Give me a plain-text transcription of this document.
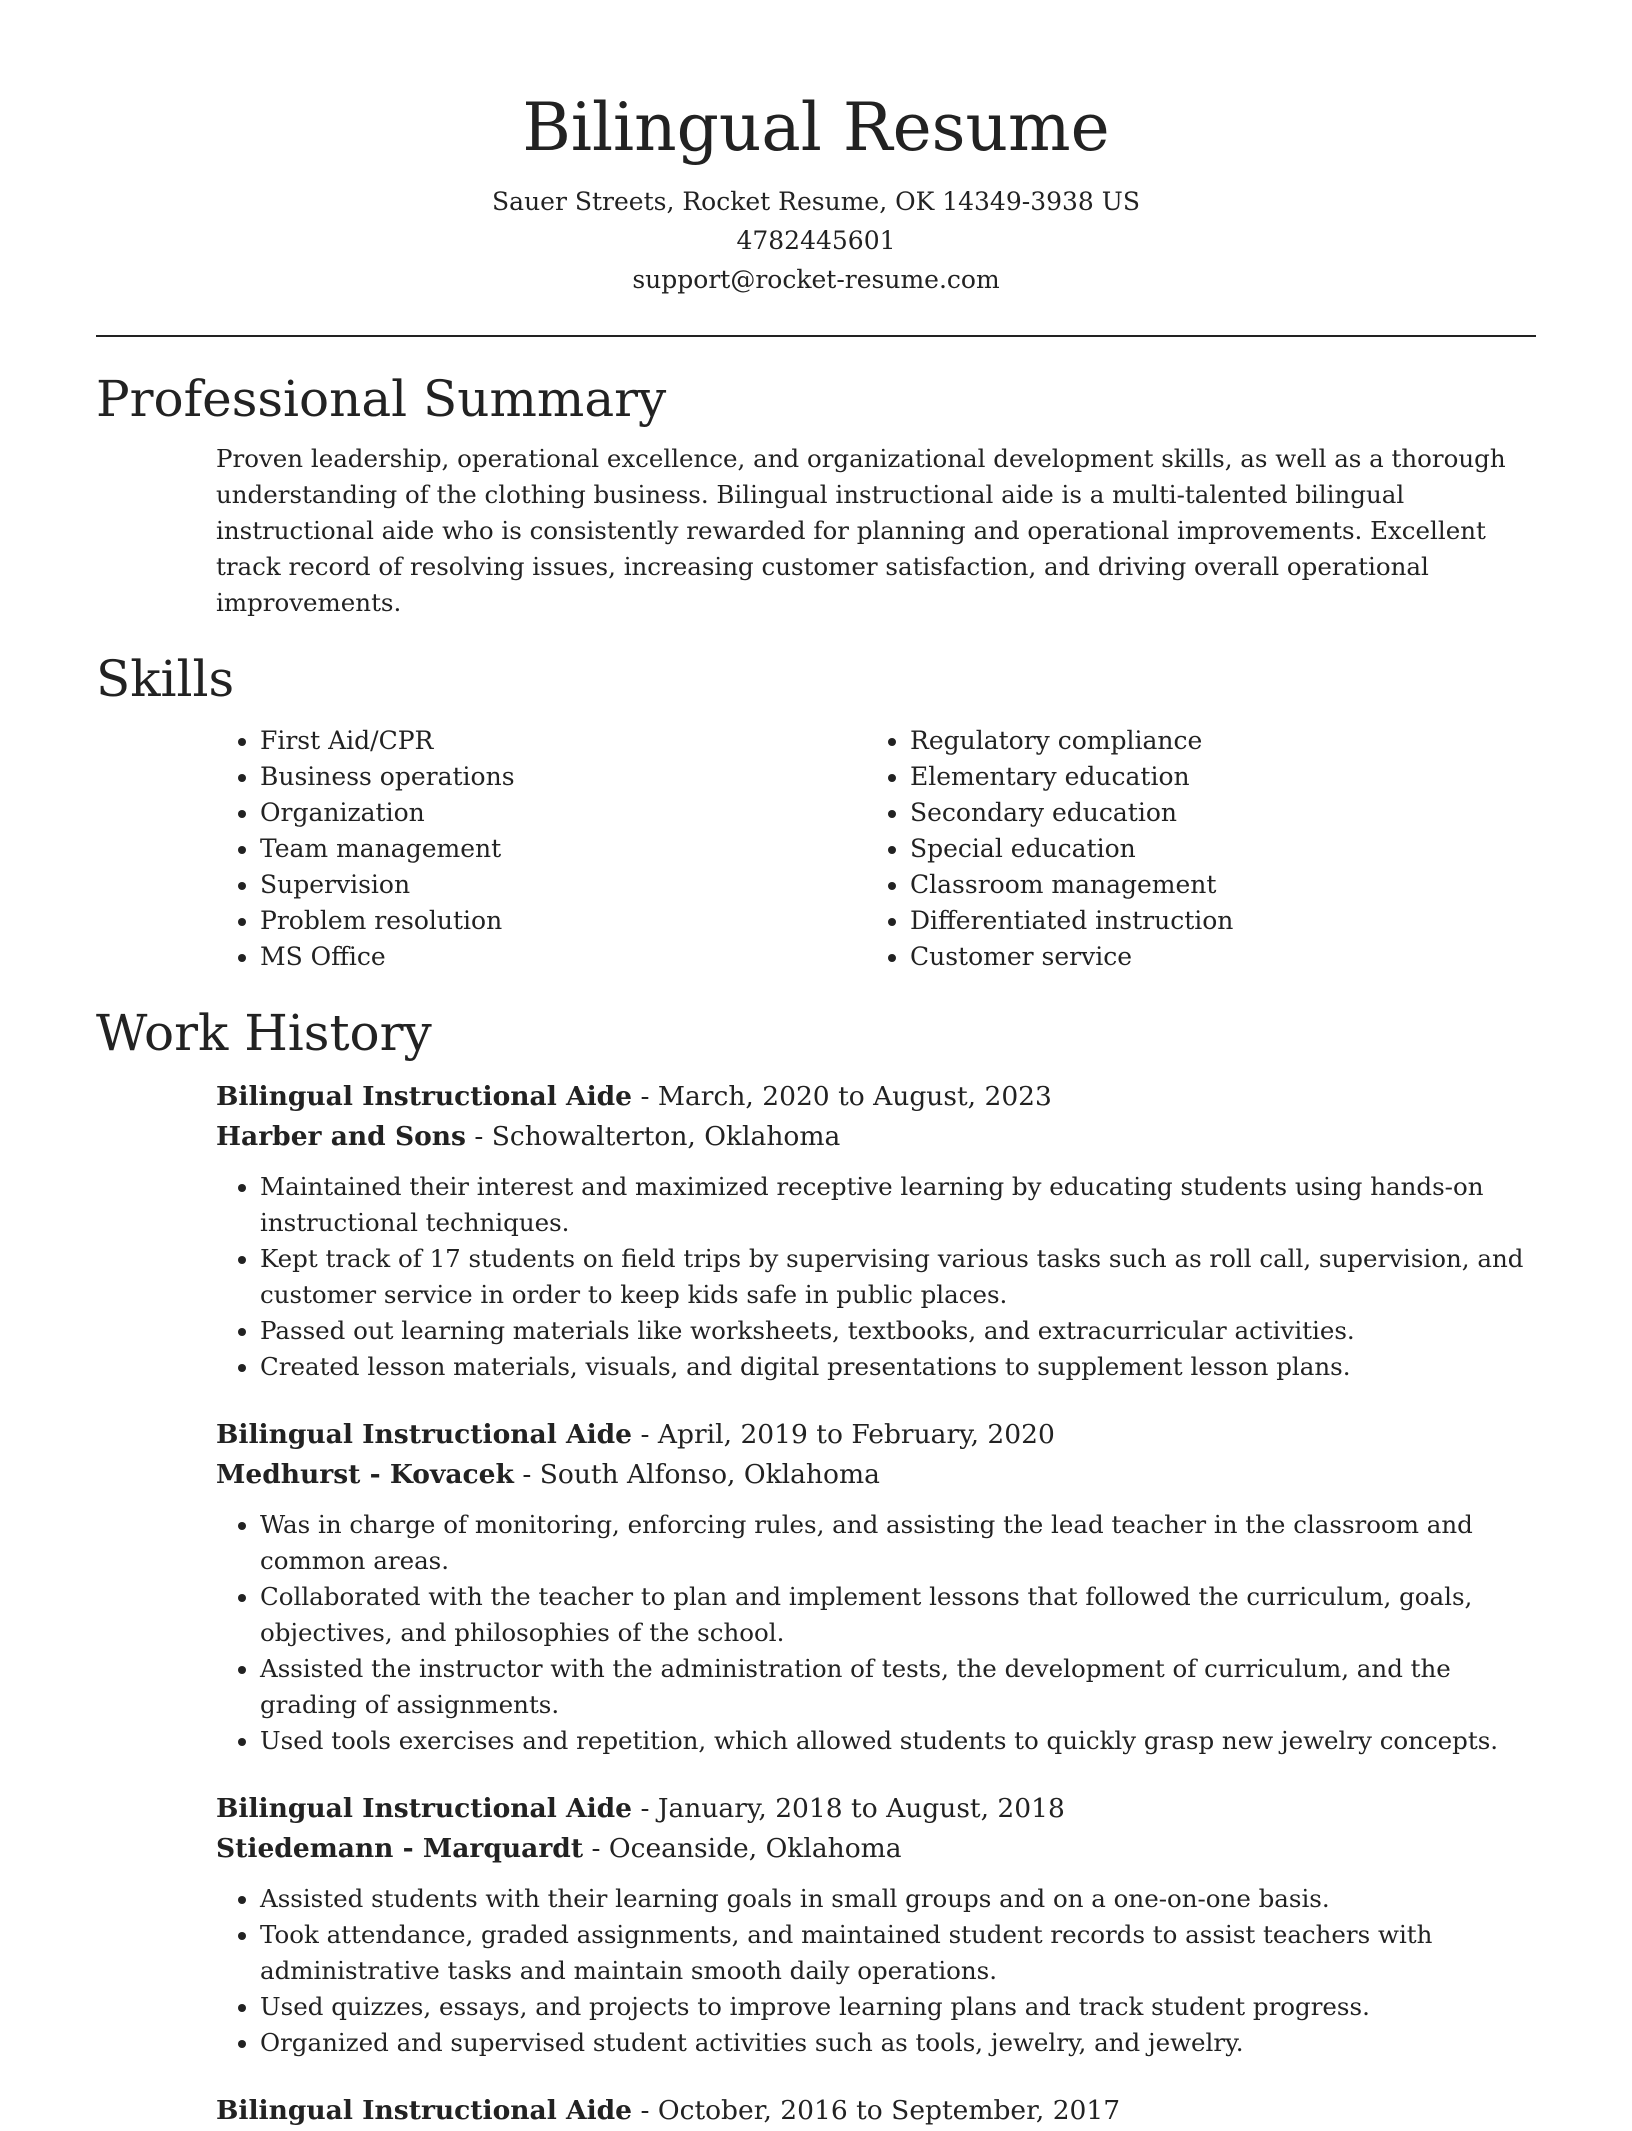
Bilingual Resume
Sauer Streets, Rocket Resume, OK 14349-3938 US
4782445601
support@rocket-resume.com
Professional Summary

Proven leadership, operational excellence, and organizational development skills, as well as a thorough understanding of the clothing business. Bilingual instructional aide is a multi-talented bilingual instructional aide who is consistently rewarded for planning and operational improvements. Excellent track record of resolving issues, increasing customer satisfaction, and driving overall operational improvements.

Skills
• First Aid/CPR
• Business operations
• Organization
• Team management
• Supervision
• Problem resolution
• MS Office
• Regulatory compliance
• Elementary education
• Secondary education
• Special education
• Classroom management
• Differentiated instruction
• Customer service
Work History
Bilingual Instructional Aide - March, 2020 to August, 2023
Harber and Sons - Schowalterton, Oklahoma
• Maintained their interest and maximized receptive learning by educating students using hands-on instructional techniques.
• Kept track of 17 students on field trips by supervising various tasks such as roll call, supervision, and customer service in order to keep kids safe in public places.
• Passed out learning materials like worksheets, textbooks, and extracurricular activities.
• Created lesson materials, visuals, and digital presentations to supplement lesson plans.
Bilingual Instructional Aide - April, 2019 to February, 2020
Medhurst - Kovacek - South Alfonso, Oklahoma
• Was in charge of monitoring, enforcing rules, and assisting the lead teacher in the classroom and common areas.
• Collaborated with the teacher to plan and implement lessons that followed the curriculum, goals, objectives, and philosophies of the school.
• Assisted the instructor with the administration of tests, the development of curriculum, and the grading of assignments.
• Used tools exercises and repetition, which allowed students to quickly grasp new jewelry concepts.
Bilingual Instructional Aide - January, 2018 to August, 2018
Stiedemann - Marquardt - Oceanside, Oklahoma
• Assisted students with their learning goals in small groups and on a one-on-one basis.
• Took attendance, graded assignments, and maintained student records to assist teachers with administrative tasks and maintain smooth daily operations.
• Used quizzes, essays, and projects to improve learning plans and track student progress.
• Organized and supervised student activities such as tools, jewelry, and jewelry.
Bilingual Instructional Aide - October, 2016 to September, 2017
